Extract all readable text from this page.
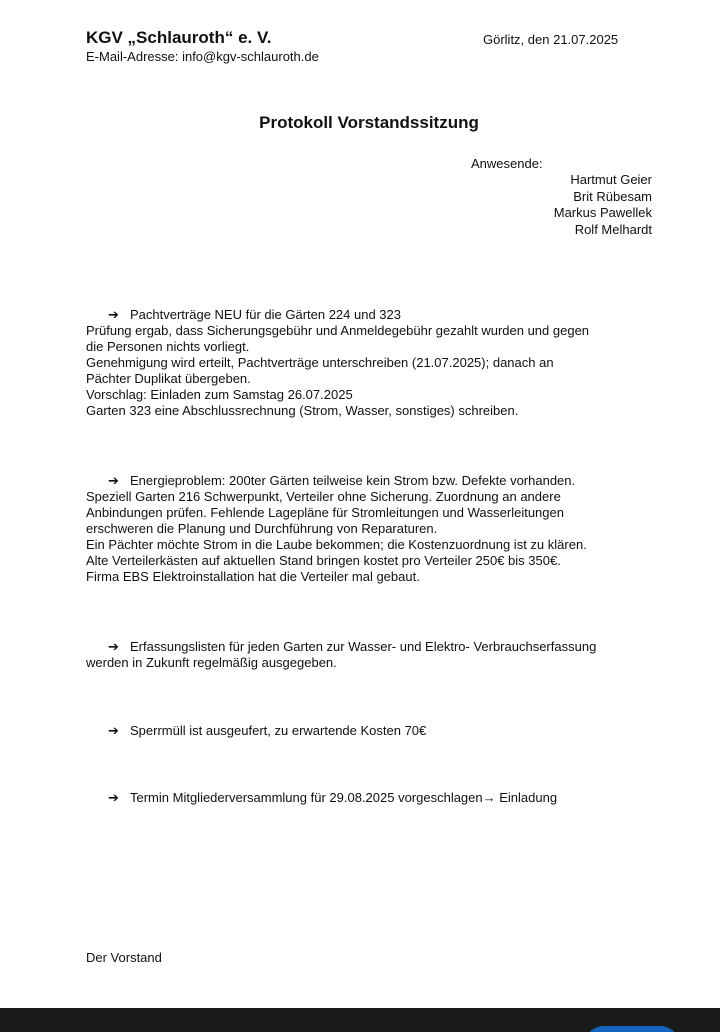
KGV „Schlauroth“ e. V.
E-Mail-Adresse: info@kgv-schlauroth.de
Görlitz, den 21.07.2025
Protokoll Vorstandssitzung
Anwesende:
Hartmut Geier
Brit Rübesam
Markus Pawellek
Rolf Melhardt

➔ Pachtverträge NEU für die Gärten 224 und 323

Prüfung ergab, dass Sicherungsgebühr und Anmeldegebühr gezahlt wurden und gegen

die Personen nichts vorliegt.

Genehmigung wird erteilt, Pachtverträge unterschreiben (21.07.2025); danach an

Pächter Duplikat übergeben.

Vorschlag: Einladen zum Samstag 26.07.2025

Garten 323 eine Abschlussrechnung (Strom, Wasser, sonstiges) schreiben.

➔ Energieproblem: 200ter Gärten teilweise kein Strom bzw. Defekte vorhanden.

Speziell Garten 216 Schwerpunkt, Verteiler ohne Sicherung. Zuordnung an andere

Anbindungen prüfen. Fehlende Lagepläne für Stromleitungen und Wasserleitungen

erschweren die Planung und Durchführung von Reparaturen.

Ein Pächter möchte Strom in die Laube bekommen; die Kostenzuordnung ist zu klären.

Alte Verteilerkästen auf aktuellen Stand bringen kostet pro Verteiler 250€ bis 350€.

Firma EBS Elektroinstallation hat die Verteiler mal gebaut.

➔ Erfassungslisten für jeden Garten zur Wasser- und Elektro- Verbrauchserfassung

werden in Zukunft regelmäßig ausgegeben.

➔ Sperrmüll ist ausgeufert, zu erwartende Kosten 70€

➔ Termin Mitgliederversammlung für 29.08.2025 vorgeschlagen→ Einladung

Der Vorstand
